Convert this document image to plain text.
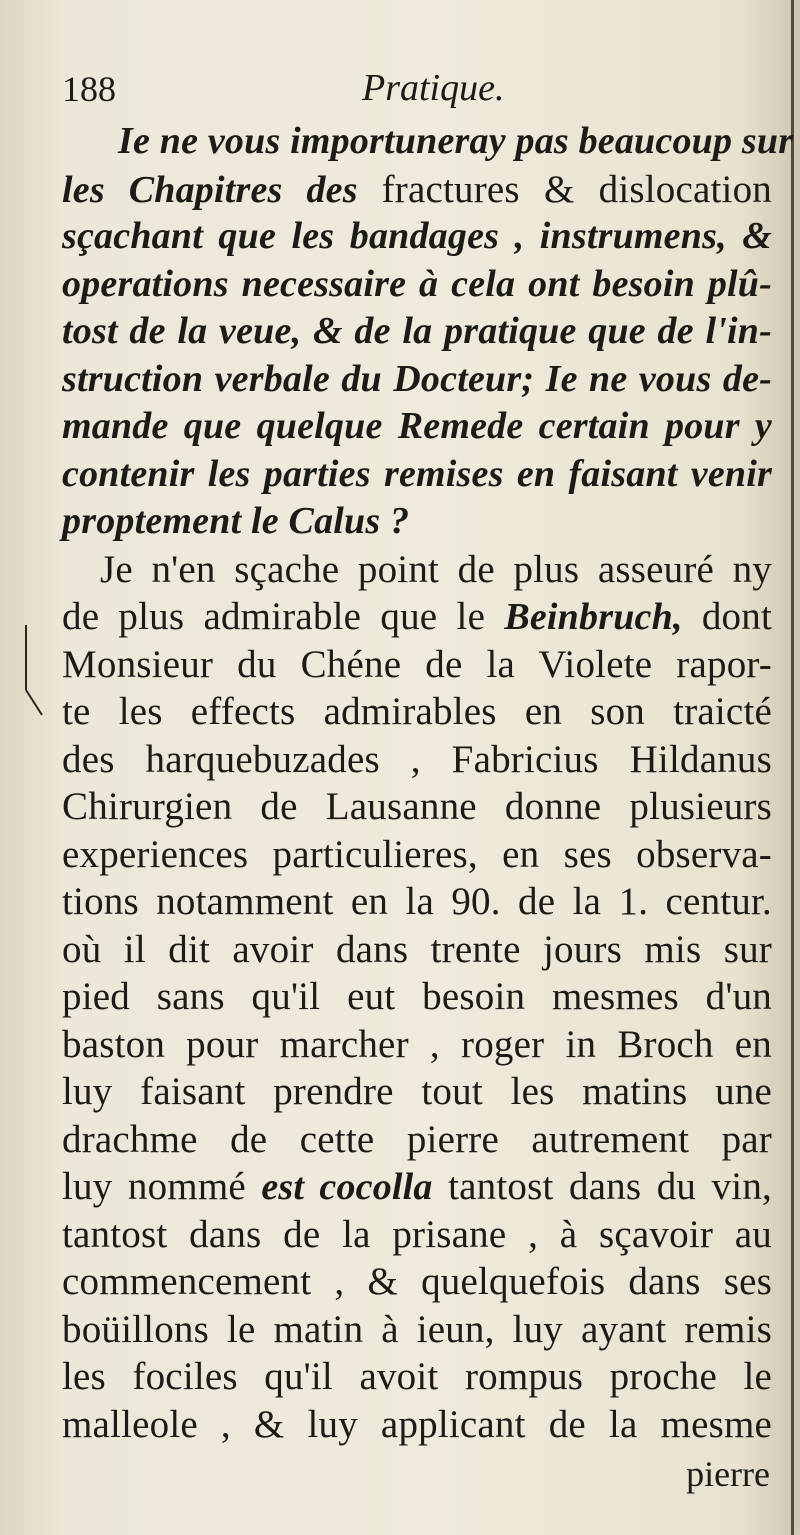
188	Pratique.
Ie ne vous importuneray pas beaucoup sur
les Chapitres des fractures & dislocation
sçachant que les bandages , instrumens, &
operations necessaire à cela ont besoin plû-
tost de la veue, & de la pratique que de l'in-
struction verbale du Docteur; Ie ne vous de-
mande que quelque Remede certain pour y
contenir les parties remises en faisant venir
proptement le Calus ?
Je n'en sçache point de plus asseuré ny
de plus admirable que le Beinbruch, dont
Monsieur du Chéne de la Violete rapor-
te les effects admirables en son traicté
des harquebuzades , Fabricius Hildanus
Chirurgien de Lausanne donne plusieurs
experiences particulieres, en ses observa-
tions notamment en la 90. de la 1. centur.
où il dit avoir dans trente jours mis sur
pied sans qu'il eut besoin mesmes d'un
baston pour marcher , roger in Broch en
luy faisant prendre tout les matins une
drachme de cette pierre autrement par
luy nommé est cocolla tantost dans du vin,
tantost dans de la prisane , à sçavoir au
commencement , & quelquefois dans ses
boüillons le matin à ieun, luy ayant remis
les fociles qu'il avoit rompus proche le
malleole , & luy applicant de la mesme
pierre
